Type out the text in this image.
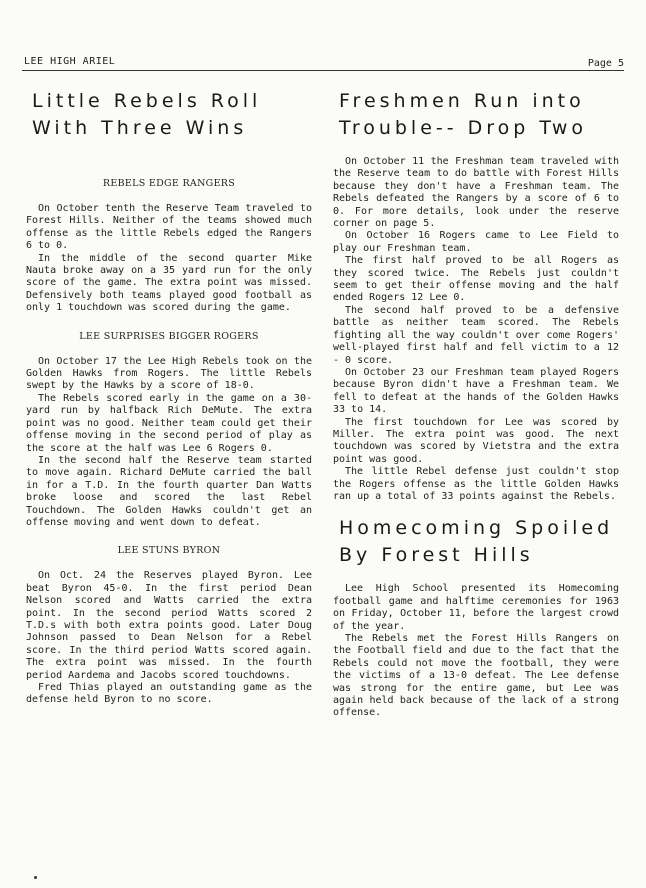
LEE HIGH ARIEL	Page 5
Little Rebels Roll
With Three Wins
REBELS EDGE RANGERS

On October tenth the Reserve Team traveled to Forest Hills. Neither of the teams showed much offense as the little Rebels edged the Rangers 6 to 0.

In the middle of the second quarter Mike Nauta broke away on a 35 yard run for the only score of the game. The extra point was missed. Defensively both teams played good football as only 1 touchdown was scored during the game.

LEE SURPRISES BIGGER ROGERS

On October 17 the Lee High Rebels took on the Golden Hawks from Rogers. The little Rebels swept by the Hawks by a score of 18-0.

The Rebels scored early in the game on a 30-yard run by halfback Rich DeMute. The extra point was no good. Neither team could get their offense moving in the second period of play as the score at the half was Lee 6 Rogers 0.

In the second half the Reserve team started to move again. Richard DeMute carried the ball in for a T.D. In the fourth quarter Dan Watts broke loose and scored the last Rebel Touchdown. The Golden Hawks couldn't get an offense moving and went down to defeat.

LEE STUNS BYRON

On Oct. 24 the Reserves played Byron. Lee beat Byron 45-0. In the first period Dean Nelson scored and Watts carried the extra point. In the second period Watts scored 2 T.D.s with both extra points good. Later Doug Johnson passed to Dean Nelson for a Rebel score. In the third period Watts scored again. The extra point was missed. In the fourth period Aardema and Jacobs scored touchdowns.

Fred Thias played an outstanding game as the defense held Byron to no score.

Freshmen Run into
Trouble-- Drop Two

On October 11 the Freshman team traveled with the Reserve team to do battle with Forest Hills because they don't have a Freshman team. The Rebels defeated the Rangers by a score of 6 to 0. For more details, look under the reserve corner on page 5.

On October 16 Rogers came to Lee Field to play our Freshman team.

The first half proved to be all Rogers as they scored twice. The Rebels just couldn't seem to get their offense moving and the half ended Rogers 12 Lee 0.

The second half proved to be a defensive battle as neither team scored. The Rebels fighting all the way couldn't over come Rogers' well-played first half and fell victim to a 12 - 0 score.

On October 23 our Freshman team played Rogers because Byron didn't have a Freshman team. We fell to defeat at the hands of the Golden Hawks 33 to 14.

The first touchdown for Lee was scored by Miller. The extra point was good. The next touchdown was scored by Vietstra and the extra point was good.

The little Rebel defense just couldn't stop the Rogers offense as the little Golden Hawks ran up a total of 33 points against the Rebels.

Homecoming Spoiled
By Forest Hills

Lee High School presented its Homecoming football game and halftime ceremonies for 1963 on Friday, October 11, before the largest crowd of the year.

The Rebels met the Forest Hills Rangers on the Football field and due to the fact that the Rebels could not move the football, they were the victims of a 13-0 defeat. The Lee defense was strong for the entire game, but Lee was again held back because of the lack of a strong offense.
